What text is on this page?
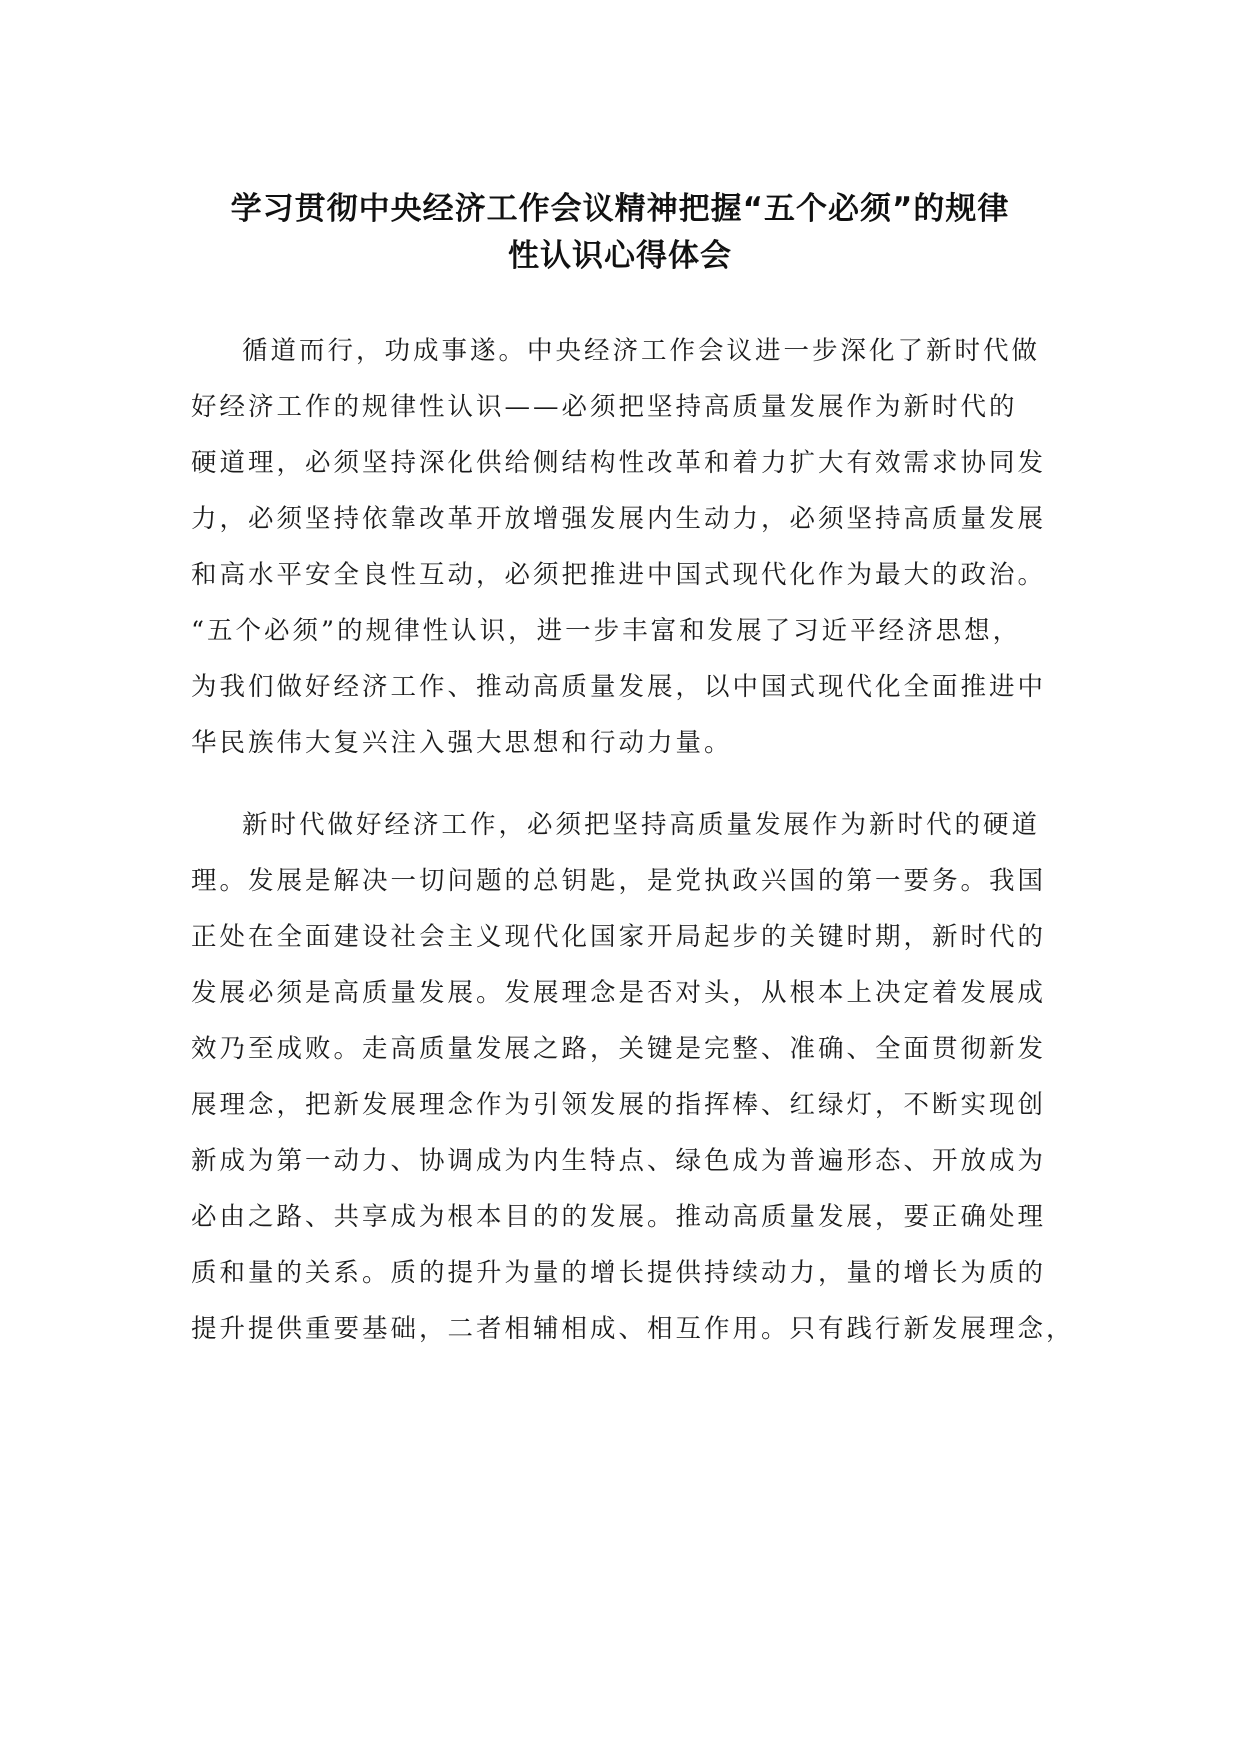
学习贯彻中央经济工作会议精神把握“五个必须”的规律
性认识心得体会
循道而行，功成事遂。中央经济工作会议进一步深化了新时代做
好经济工作的规律性认识——必须把坚持高质量发展作为新时代的
硬道理，必须坚持深化供给侧结构性改革和着力扩大有效需求协同发
力，必须坚持依靠改革开放增强发展内生动力，必须坚持高质量发展
和高水平安全良性互动，必须把推进中国式现代化作为最大的政治。
“五个必须”的规律性认识，进一步丰富和发展了习近平经济思想，
为我们做好经济工作、推动高质量发展，以中国式现代化全面推进中
华民族伟大复兴注入强大思想和行动力量。
新时代做好经济工作，必须把坚持高质量发展作为新时代的硬道
理。发展是解决一切问题的总钥匙，是党执政兴国的第一要务。我国
正处在全面建设社会主义现代化国家开局起步的关键时期，新时代的
发展必须是高质量发展。发展理念是否对头，从根本上决定着发展成
效乃至成败。走高质量发展之路，关键是完整、准确、全面贯彻新发
展理念，把新发展理念作为引领发展的指挥棒、红绿灯，不断实现创
新成为第一动力、协调成为内生特点、绿色成为普遍形态、开放成为
必由之路、共享成为根本目的的发展。推动高质量发展，要正确处理
质和量的关系。质的提升为量的增长提供持续动力，量的增长为质的
提升提供重要基础，二者相辅相成、相互作用。只有践行新发展理念，
